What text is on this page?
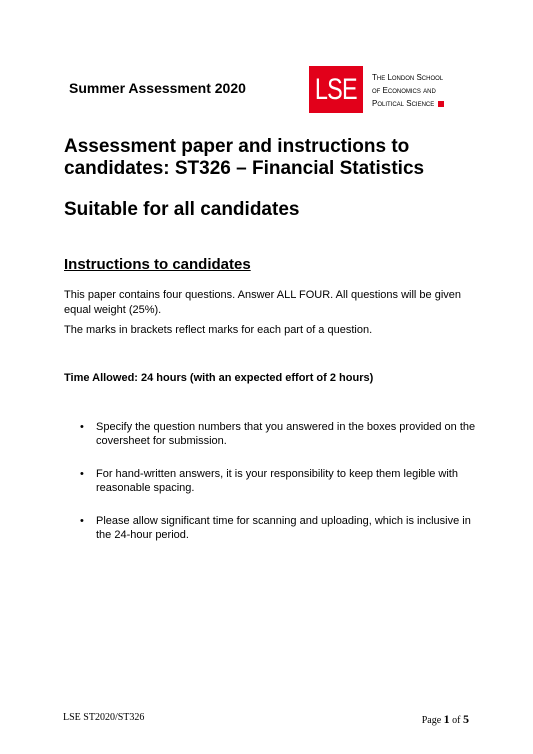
Summer Assessment 2020 LSE The London School
of Economics and
Political Science
Assessment paper and instructions to candidates: ST326 – Financial Statistics
Suitable for all candidates
Instructions to candidates
This paper contains four questions. Answer ALL FOUR. All questions will be given equal weight (25%).
The marks in brackets reflect marks for each part of a question.
Time Allowed: 24 hours (with an expected effort of 2 hours)
• Specify the question numbers that you answered in the boxes provided on the coversheet for submission.
• For hand-written answers, it is your responsibility to keep them legible with reasonable spacing.
• Please allow significant time for scanning and uploading, which is inclusive in the 24-hour period.
LSE ST2020/ST326	Page 1 of 5
